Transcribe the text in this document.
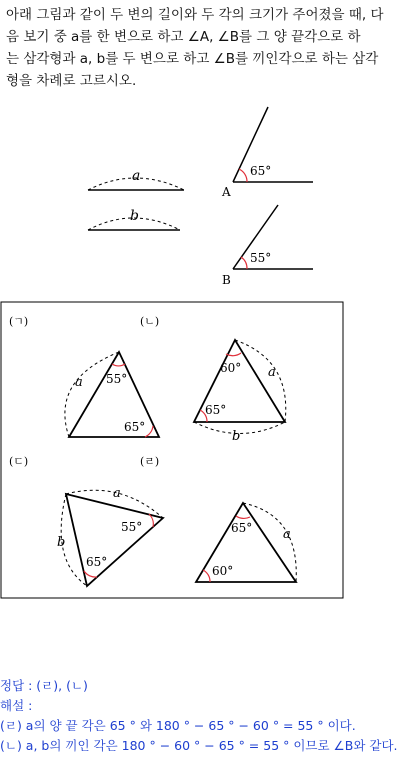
아래 그림과 같이 두 변의 길이와 두 각의 크기가 주어졌을 때, 다

음 보기 중 a를 한 변으로 하고 ∠A, ∠B를 그 양 끝각으로 하

는 삼각형과 a, b를 두 변으로 하고 ∠B를 끼인각으로 하는 삼각

형을 차례로 고르시오.

a
b
65°
A
55°
B
(ㄱ)
a 55°
65°
(ㄴ)
60°
65°
a
b
(ㄷ)
a
b
55°
65°
(ㄹ)
65°
60°
a
정답 : (ㄹ), (ㄴ)
해설 :
(ㄹ) a의 양 끝 각은 65 ° 와 180 ° − 65 ° − 60 ° = 55 ° 이다.
(ㄴ) a, b의 끼인 각은 180 ° − 60 ° − 65 ° = 55 ° 이므로 ∠B와 같다.
